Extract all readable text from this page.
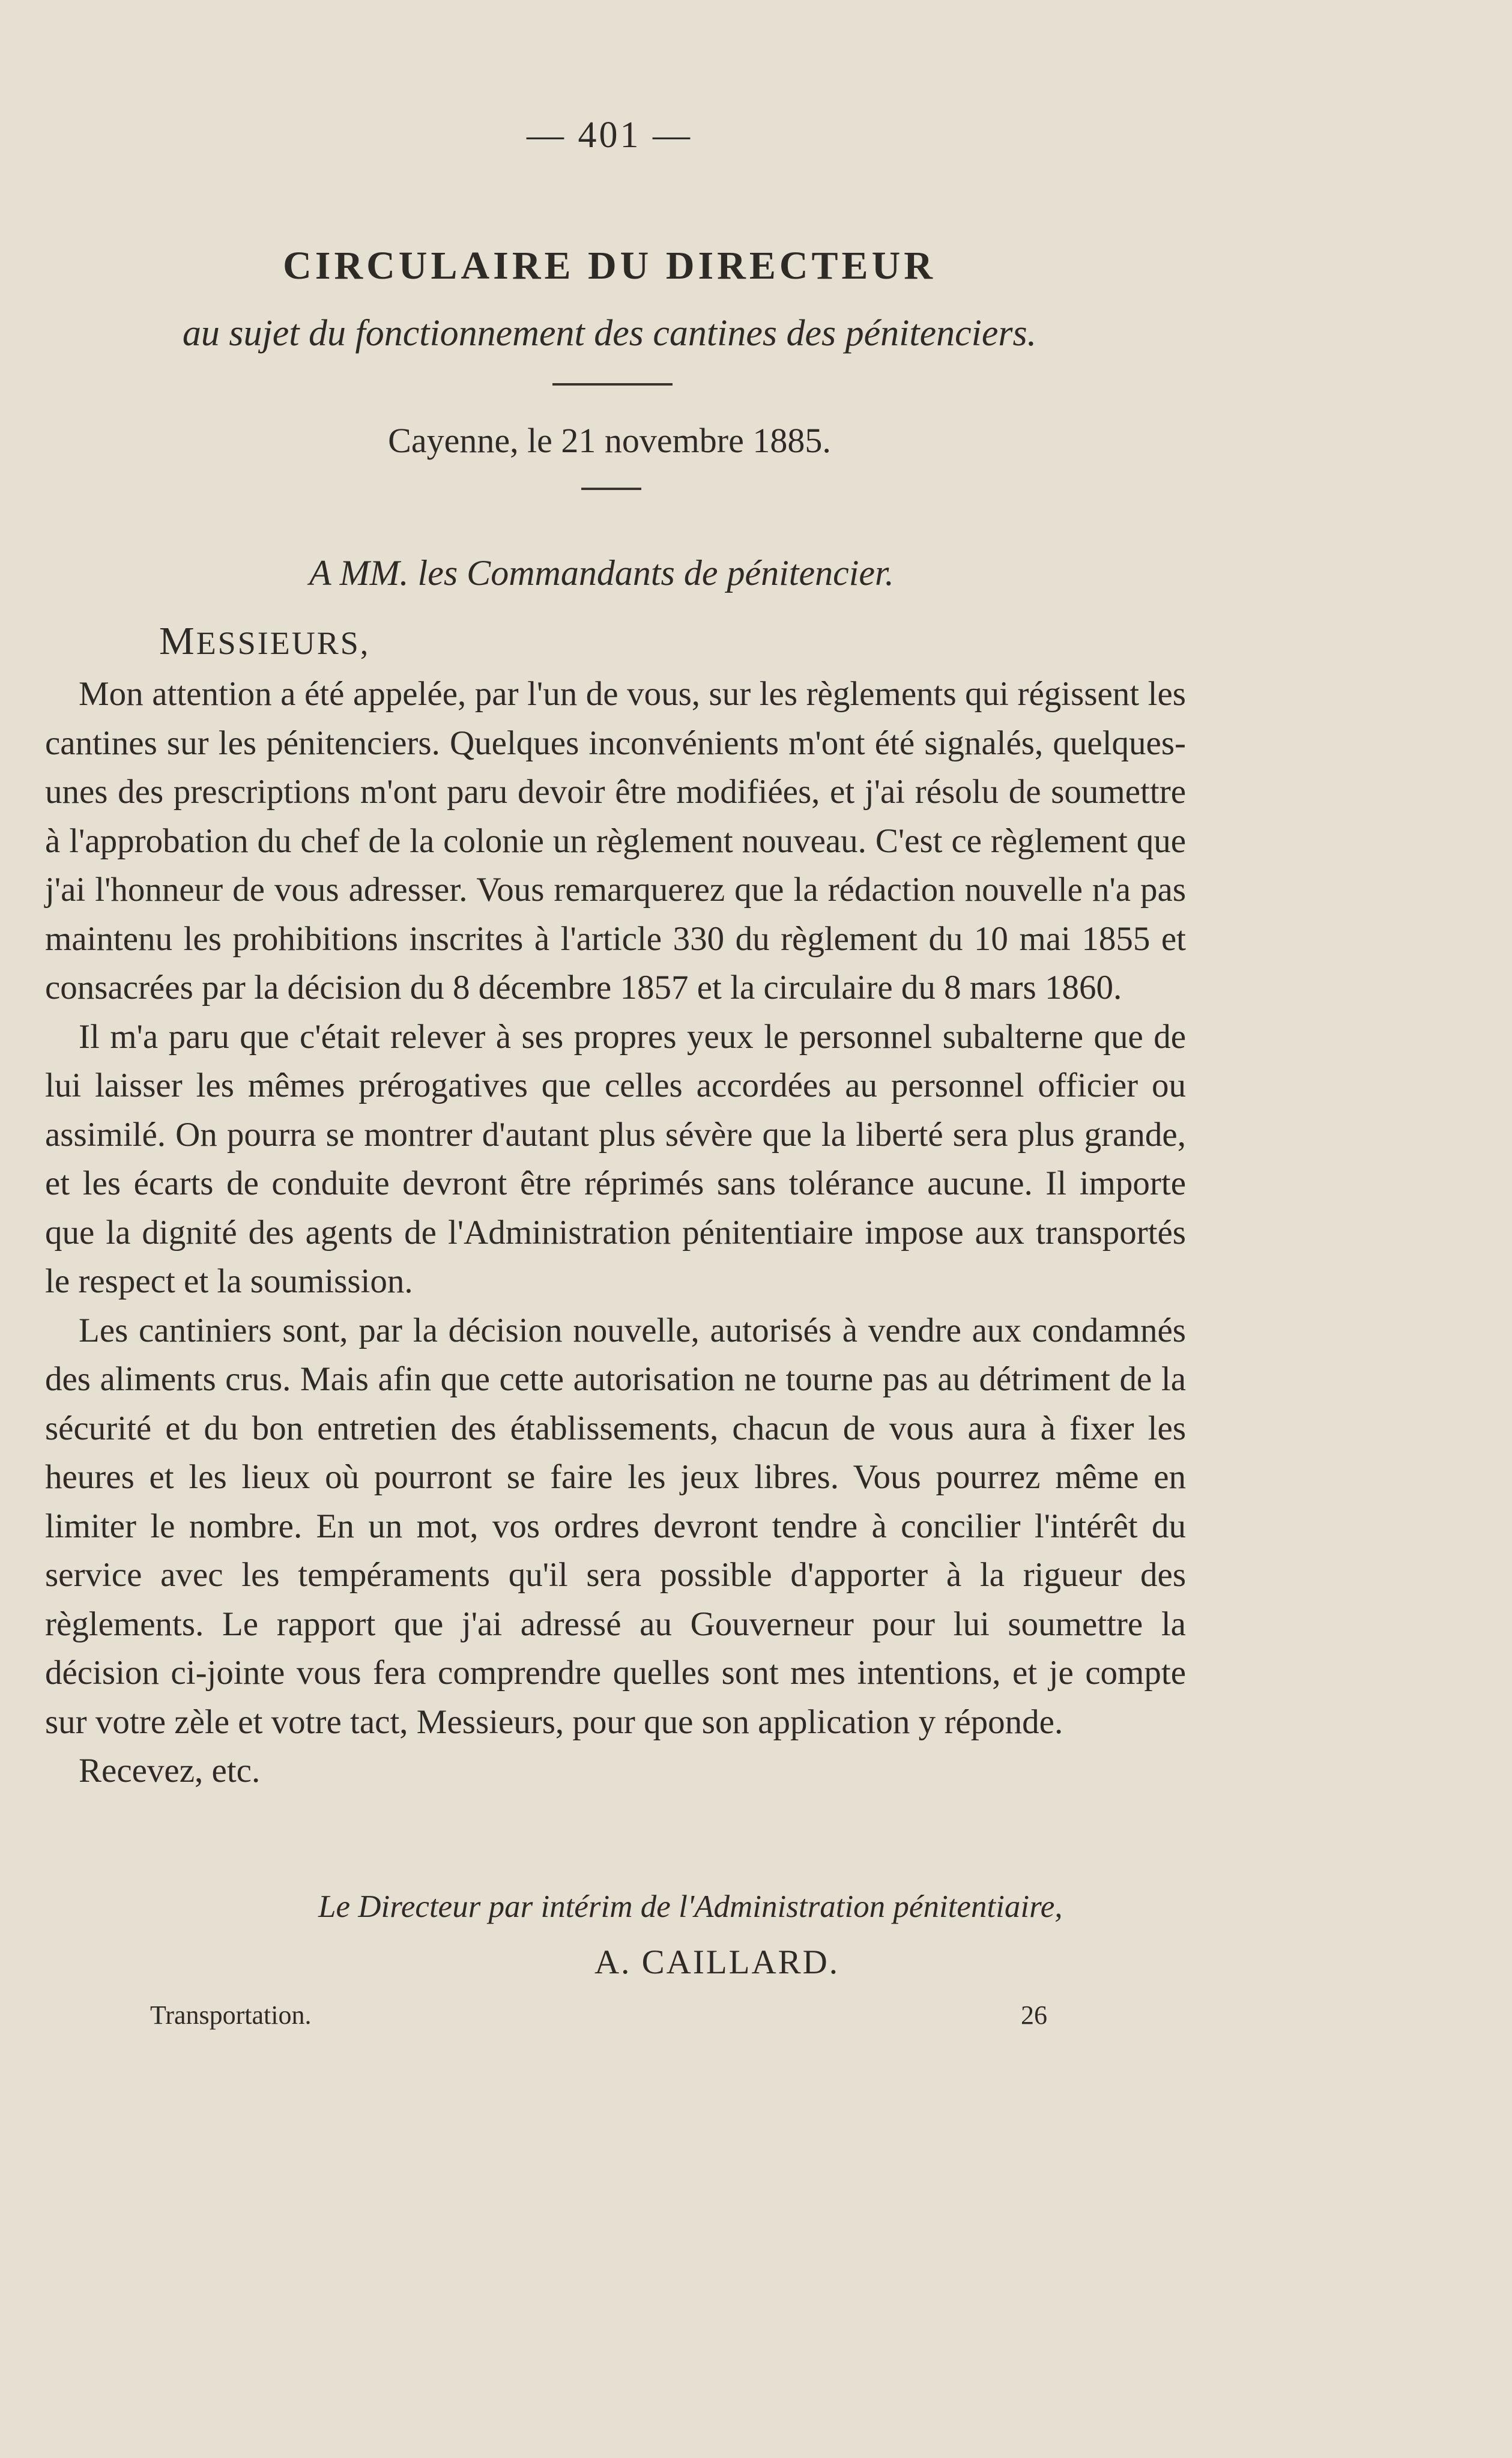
— 401 —
CIRCULAIRE DU DIRECTEUR
au sujet du fonctionnement des cantines des pénitenciers.
Cayenne, le 21 novembre 1885.
A MM. les Commandants de pénitencier.
MESSIEURS,

Mon attention a été appelée, par l'un de vous, sur les règlements qui régissent les cantines sur les pénitenciers. Quelques inconvénients m'ont été signalés, quelques-unes des prescriptions m'ont paru devoir être modifiées, et j'ai résolu de soumettre à l'approbation du chef de la colonie un règlement nouveau. C'est ce règlement que j'ai l'honneur de vous adresser. Vous remarquerez que la rédaction nouvelle n'a pas maintenu les prohibitions inscrites à l'article 330 du règlement du 10 mai 1855 et consacrées par la décision du 8 décembre 1857 et la circulaire du 8 mars 1860.

Il m'a paru que c'était relever à ses propres yeux le personnel subalterne que de lui laisser les mêmes prérogatives que celles accordées au personnel officier ou assimilé. On pourra se montrer d'autant plus sévère que la liberté sera plus grande, et les écarts de conduite devront être réprimés sans tolérance aucune. Il importe que la dignité des agents de l'Administration pénitentiaire impose aux transportés le respect et la soumission.

Les cantiniers sont, par la décision nouvelle, autorisés à vendre aux condamnés des aliments crus. Mais afin que cette autorisation ne tourne pas au détriment de la sécurité et du bon entretien des établissements, chacun de vous aura à fixer les heures et les lieux où pourront se faire les jeux libres. Vous pourrez même en limiter le nombre. En un mot, vos ordres devront tendre à concilier l'intérêt du service avec les tempéraments qu'il sera possible d'apporter à la rigueur des règlements. Le rapport que j'ai adressé au Gouverneur pour lui soumettre la décision ci-jointe vous fera comprendre quelles sont mes intentions, et je compte sur votre zèle et votre tact, Messieurs, pour que son application y réponde.

Recevez, etc.

Le Directeur par intérim de l'Administration pénitentiaire,
A. CAILLARD.
Transportation.	26
